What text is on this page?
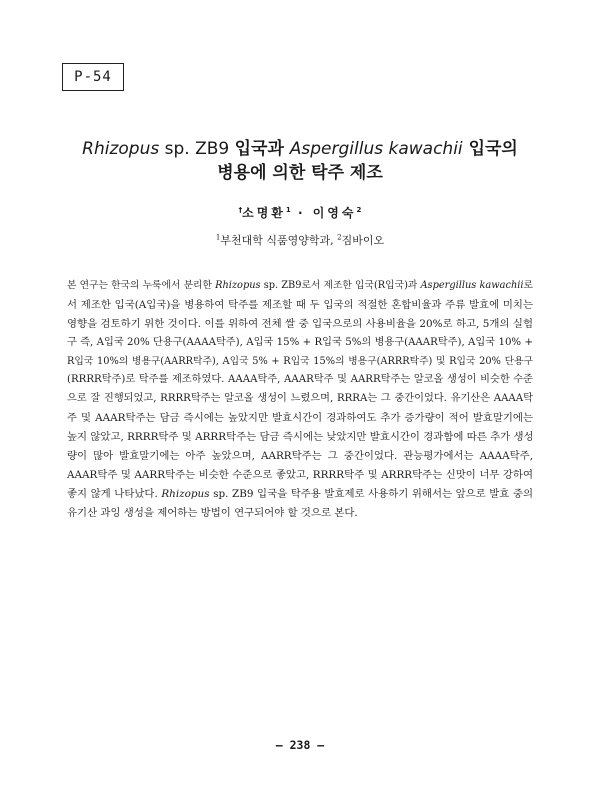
P-54
Rhizopus sp. ZB9 입국과 Aspergillus kawachii 입국의
병용에 의한 탁주 제조
†소명환$^1$ · 이영숙$^2$
$^1$부천대학 식품영양학과, $^2$짐바이오
본 연구는 한국의 누룩에서 분리한 Rhizopus sp. ZB9로서 제조한 입국(R입국)과 Aspergillus kawachii로
서 제조한 입국(A입국)을 병용하여 탁주를 제조할 때 두 입국의 적절한 혼합비율과 주류 발효에 미치는
영향을 검토하기 위한 것이다. 이를 위하여 전체 쌀 중 입국으로의 사용비율을 20%로 하고, 5개의 실험
구 즉, A입국 20% 단용구(AAAA탁주), A입국 15% + R입국 5%의 병용구(AAAR탁주), A입국 10% +
R입국 10%의 병용구(AARR탁주), A입국 5% + R입국 15%의 병용구(ARRR탁주) 및 R입국 20% 단용구
(RRRR탁주)로 탁주를 제조하였다. AAAA탁주, AAAR탁주 및 AARR탁주는 알코올 생성이 비슷한 수준
으로 잘 진행되었고, RRRR탁주는 알코올 생성이 느렸으며, RRRA는 그 중간이었다. 유기산은 AAAA탁
주 및 AAAR탁주는 담금 즉시에는 높았지만 발효시간이 경과하여도 추가 증가량이 적어 발효말기에는
높지 않았고, RRRR탁주 및 ARRR탁주는 담금 즉시에는 낮았지만 발효시간이 경과함에 따른 추가 생성
량이 많아 발효말기에는 아주 높았으며, AARR탁주는 그 중간이었다. 관능평가에서는 AAAA탁주,
AAAR탁주 및 AARR탁주는 비슷한 수준으로 좋았고, RRRR탁주 및 ARRR탁주는 신맛이 너무 강하여
좋지 않게 나타났다. Rhizopus sp. ZB9 입국을 탁주용 발효제로 사용하기 위해서는 앞으로 발효 중의
유기산 과잉 생성을 제어하는 방법이 연구되어야 할 것으로 본다.
– 238 –
